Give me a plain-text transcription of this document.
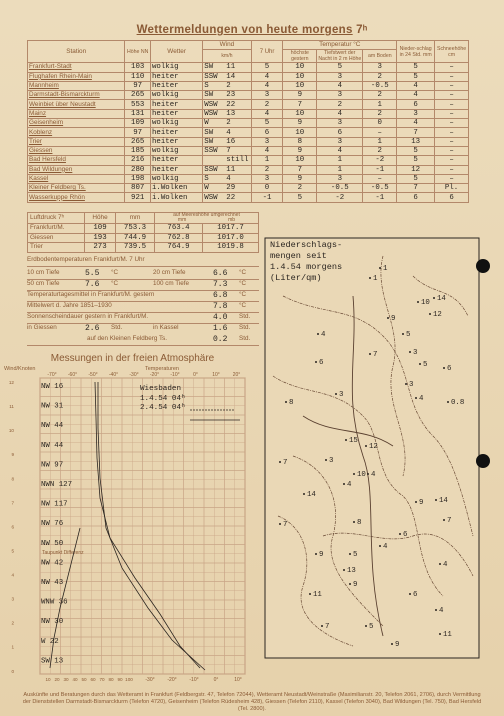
Wettermeldungen von heute morgens 7ʰ
Station	Höhe NN	Wetter	Wind	7 Uhr	Temperatur °C			Nieder-schlag in 24 Std. mm	Schneehöhe cm
			km/h		höchste gestern	Tiefstwert der Nacht in 2 m Höhe	am Boden		
Frankfurt-Stadt	103	wolkig	SW 11	5	10	5	3	5	–
Flughafen Rhein-Main	110	heiter	SSW 14	4	10	3	2	5	–
Mannheim	97	heiter	S 2	4	10	4	-0.5	4	–
Darmstadt-Bismarckturm	265	wolkig	SW 23	3	9	3	2	4	–
Weinbiet über Neustadt	553	heiter	WSW 22	2	7	2	1	6	–
Mainz	131	heiter	WSW 13	4	10	4	2	3	–
Geisenheim	109	wolkig	W 2	5	9	3	0	4	–
Koblenz	97	heiter	SW 4	6	10	6	–	7	–
Trier	265	heiter	SW 16	3	8	3	1	13	–
Giessen	185	wolkig	SSW 7	4	9	4	2	5	–
Bad Hersfeld	216	heiter	still	1	10	1	-2	5	–
Bad Wildungen	280	heiter	SSW 11	2	7	1	-1	12	–
Kassel	198	wolkig	S 4	3	9	3	–	5	–
Kleiner Feldberg Ts.	807	i.Wolken	W 29	0	2	-0.5	-0.5	7	Pl.
Wasserkuppe Rhön	921	i.Wolken	WSW 22	-1	5	-2	-1	6	6
Luftdruck 7ʰ	Höhe	mm	auf Meereshöhe umgerechnet
mm mb	

Frankfurt/M.	109	753.3	763.4	1017.7
Giessen	193	744.9	762.8	1017.0
Trier	273	739.5	764.9	1019.8
Erdbodentemperaturen Frankfurt/M. 7 Uhr
10 cm Tiefe	5.5 °C	20 cm Tiefe	6.6 °C
50 cm Tiefe	7.6 °C	100 cm Tiefe	7.3 °C
Temperaturtagesmittel in Frankfurt/M. gestern	6.8 °C
Mittelwert d. Jahre 1851–1930	7.8 °C
Sonnenscheindauer gestern in Frankfurt/M.	4.0 Std.
in Giessen	2.6 Std.	in Kassel	1.6 Std.
auf den Kleinen Feldberg Ts.	0.2 Std.
Messungen in der freien Atmosphäre
Wind/Knoten	Temperaturen
-70° -60° -50° -40° -30° -20° -10°	0°	10°	20°
-30°	-20°	-10°	0°	10°
10 20 30 40 50 60 70 80 90 100
12
11
10
9
8
7
6
5
4
3
2
1
0
NW 16
NW 31
NW 44
NW 44
NW 97
NWN 127
NW 117
NW 76
NW 50
NW 42
NW 43
WNW 36
NW 30
W 22
SW 13
Wiesbaden
1.4.54 04ʰ
2.4.54 04ʰ
Taupunkt Differenz
1
1
10 14
12
9
5
3
5
4
7
3
6
6
8
3	4	0.8
15
12
7	3
4
10
14
4
14
9
7
8
6
9	5
4
7
13
4
11
9
6
4
7	5
11
9
Niederschlags-
mengen seit
1.4.54 morgens
(Liter/qm)
Auskünfte und Beratungen durch das Wetteramt in Frankfurt (Feldbergstr. 47, Telefon 72044), Wetteramt Neustadt/Weinstraße (Maximilianstr. 20, Telefon 2061, 2706), durch Vermittlung der Dienststellen Darmstadt-Bismarckturm (Telefon 4720), Geisenheim (Telefon Rüdesheim 428), Giessen (Telefon 2110), Kassel (Telefon 3040), Bad Wildungen (Tel. 750), Bad Hersfeld (Tel. 2800).
